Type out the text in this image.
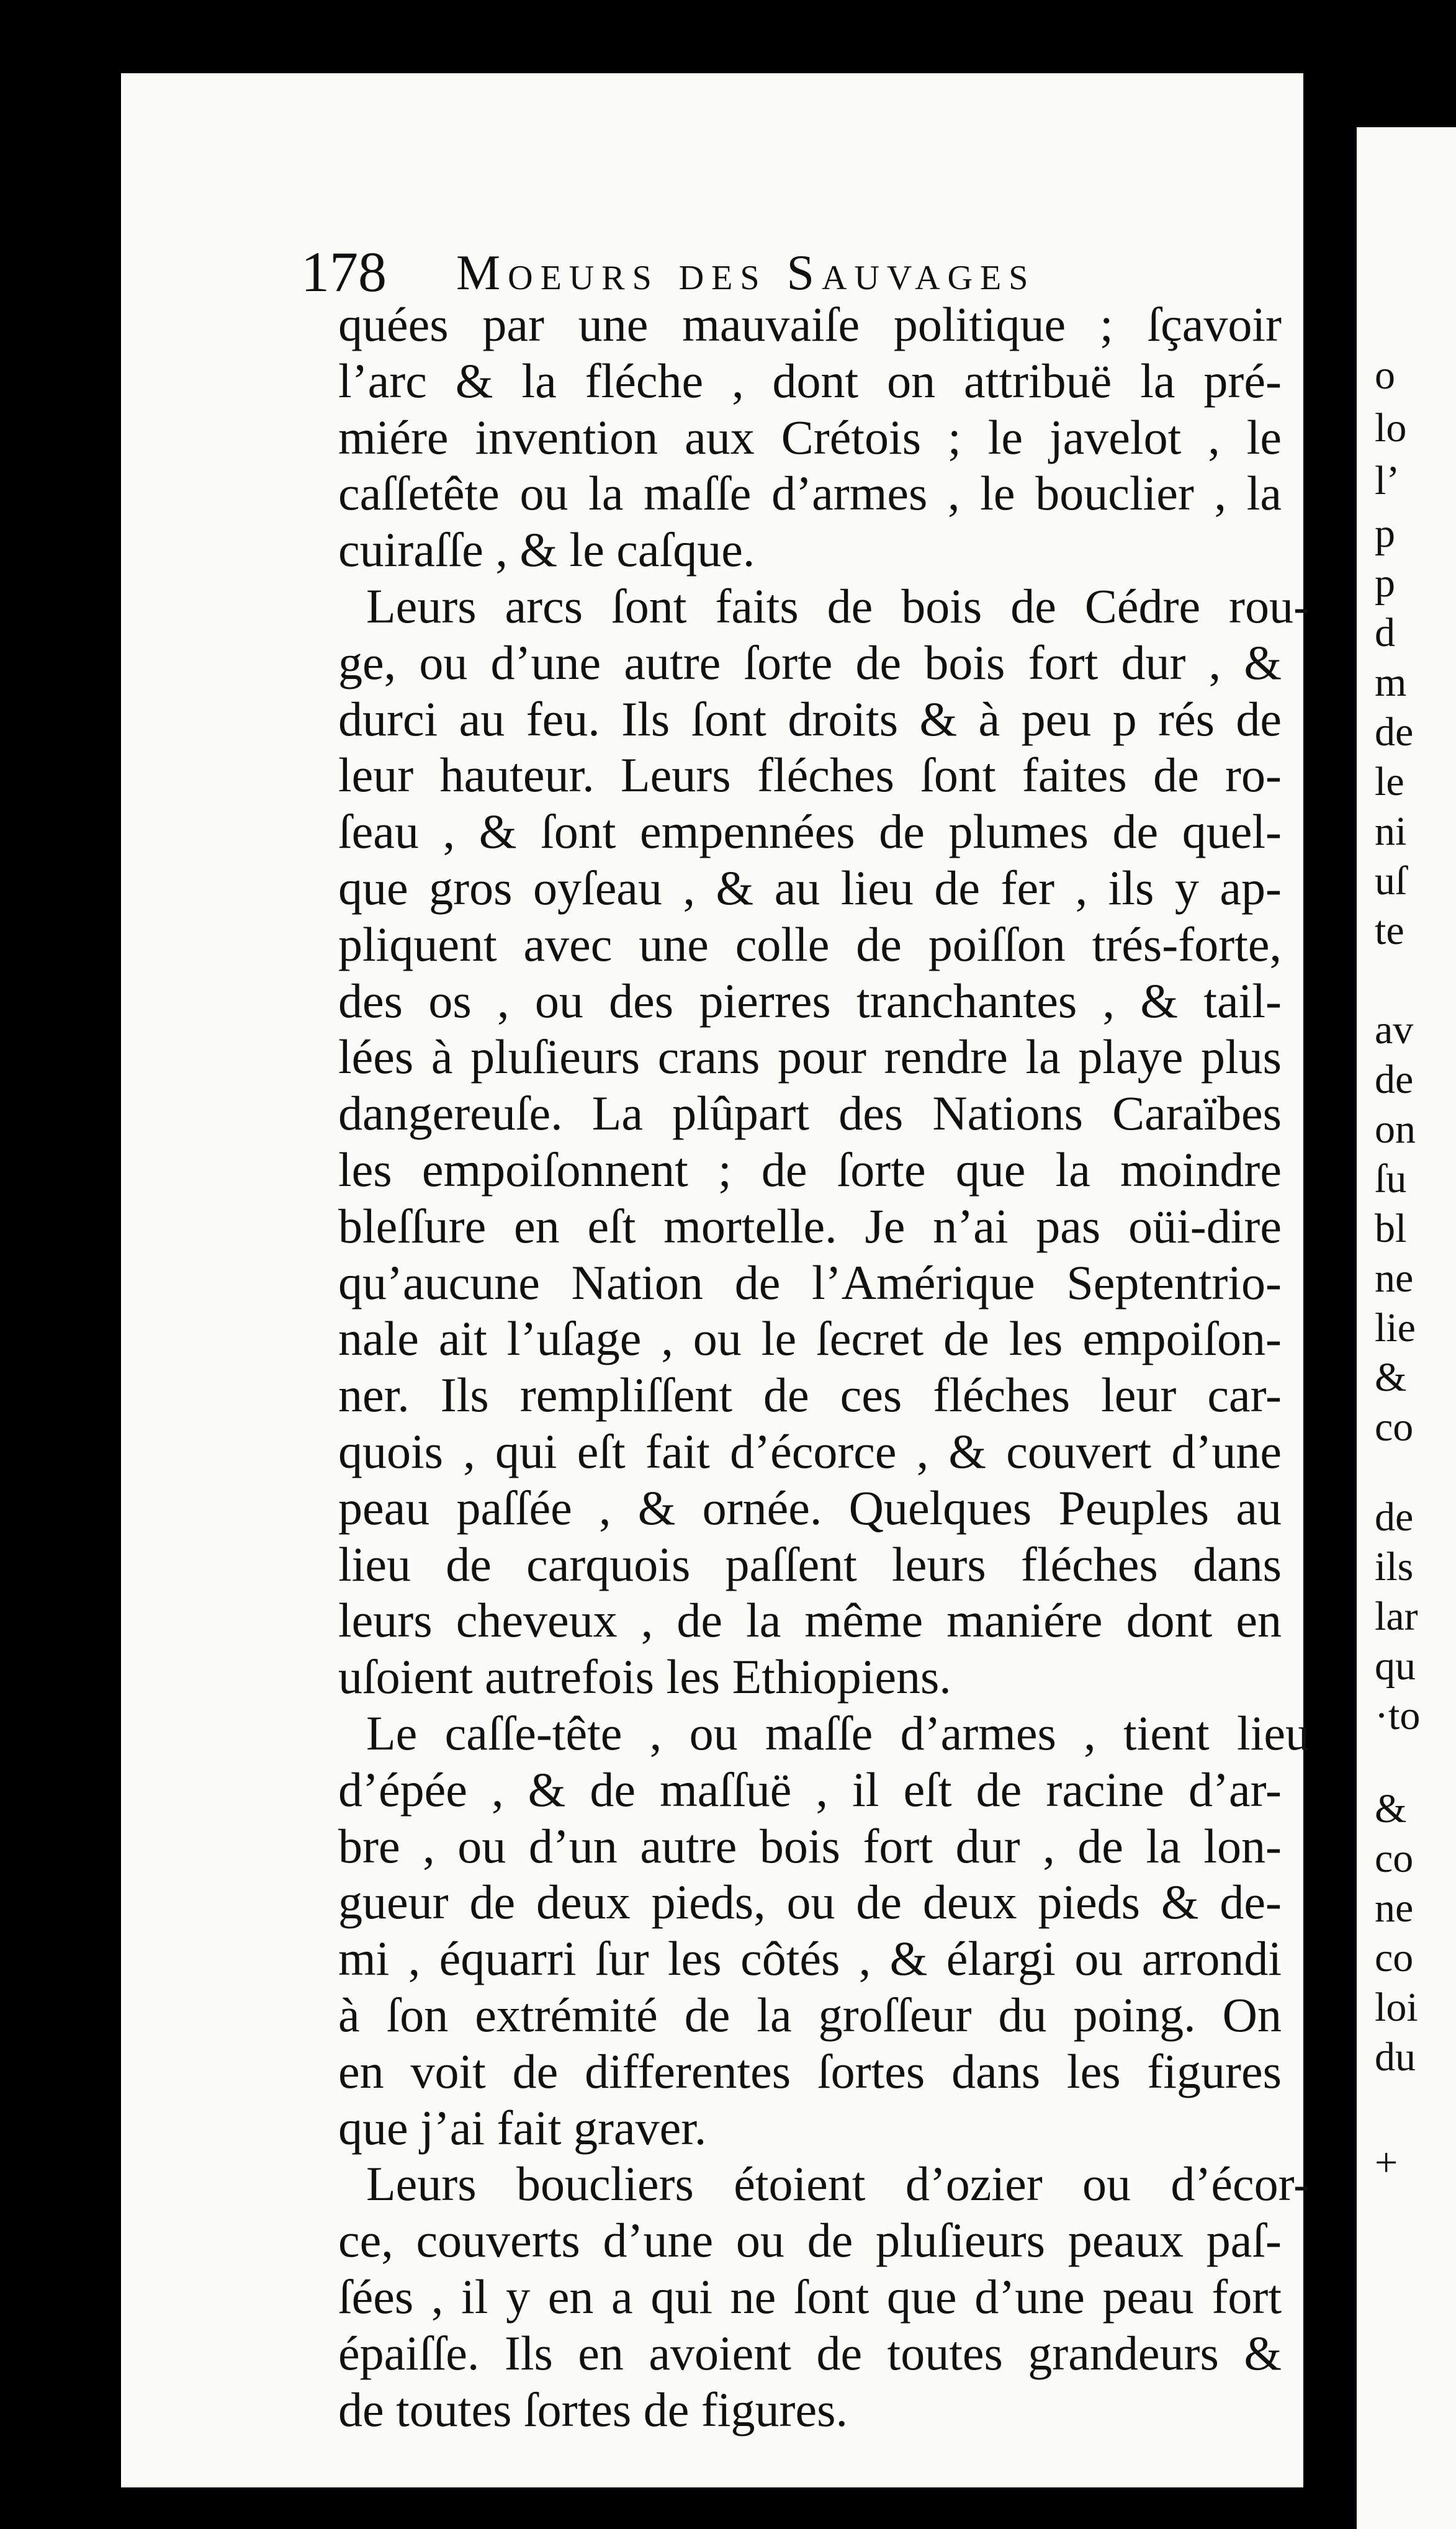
quées par une mauvaiſe politique ; ſçavoir
l’arc & la fléche , dont on attribuë la pré-
miére invention aux Crétois ; le javelot , le
caſſetête ou la maſſe d’armes , le bouclier , la
cuiraſſe , & le caſque.
Leurs arcs ſont faits de bois de Cédre rou-
ge, ou d’une autre ſorte de bois fort dur , &
durci au feu. Ils ſont droits & à peu p rés de
leur hauteur. Leurs fléches ſont faites de ro-
ſeau , & ſont empennées de plumes de quel-
que gros oyſeau , & au lieu de fer , ils y ap-
pliquent avec une colle de poiſſon trés-forte,
des os , ou des pierres tranchantes , & tail-
lées à pluſieurs crans pour rendre la playe plus
dangereuſe. La plûpart des Nations Caraïbes
les empoiſonnent ; de ſorte que la moindre
bleſſure en eſt mortelle. Je n’ai pas oüi-dire
qu’aucune Nation de l’Amérique Septentrio-
nale ait l’uſage , ou le ſecret de les empoiſon-
ner. Ils rempliſſent de ces fléches leur car-
quois , qui eſt fait d’écorce , & couvert d’une
peau paſſée , & ornée. Quelques Peuples au
lieu de carquois paſſent leurs fléches dans
leurs cheveux , de la même maniére dont en
uſoient autrefois les Ethiopiens.
Le caſſe-tête , ou maſſe d’armes , tient lieu
d’épée , & de maſſuë , il eſt de racine d’ar-
bre , ou d’un autre bois fort dur , de la lon-
gueur de deux pieds, ou de deux pieds & de-
mi , équarri ſur les côtés , & élargi ou arrondi
à ſon extrémité de la groſſeur du poing. On
en voit de differentes ſortes dans les figures
que j’ai fait graver.
Leurs boucliers étoient d’ozier ou d’écor-
ce, couverts d’une ou de pluſieurs peaux paſ-
ſées , il y en a qui ne ſont que d’une peau fort
épaiſſe. Ils en avoient de toutes grandeurs &
de toutes ſortes de figures.
178 Moeurs des Sauvages
o
lo
l’
p
p
d
m
de
le
ni
uſ
te
av
de
on
ſu
bl
ne
lie
&
co
de
ils
lar
qu
·to
&
co
ne
co
loi
du
+
